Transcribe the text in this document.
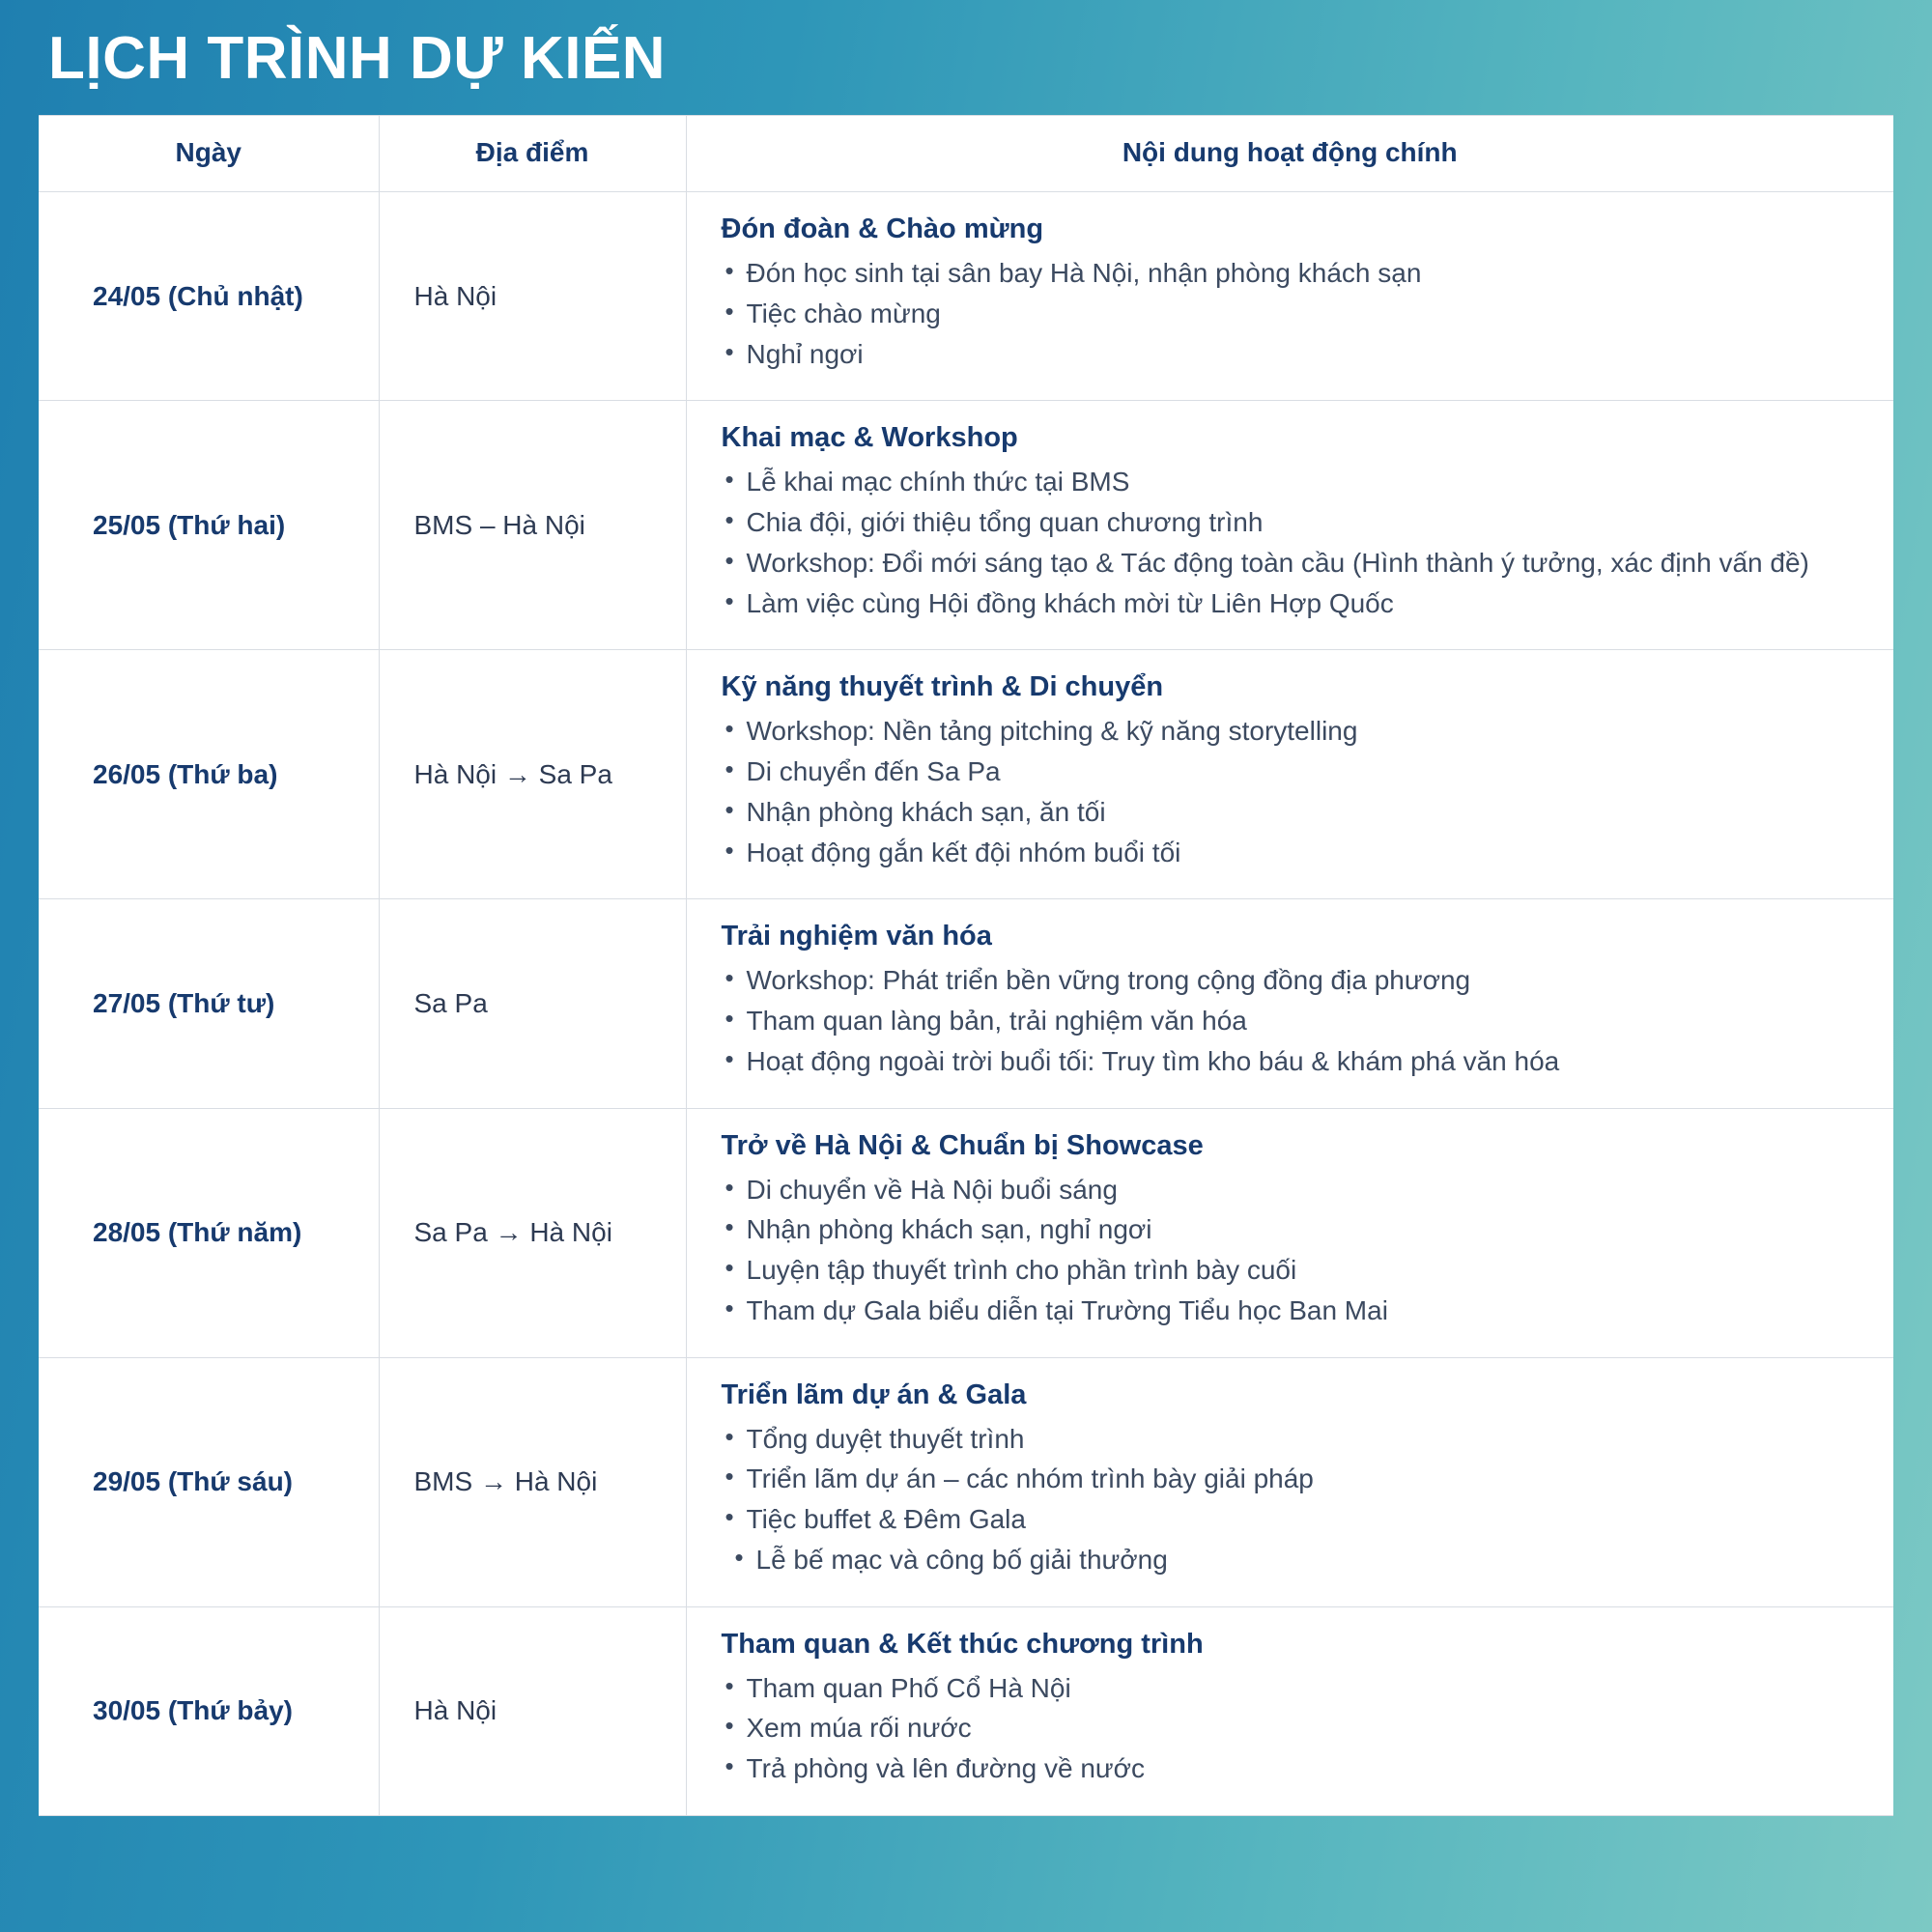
LỊCH TRÌNH DỰ KIẾN
Ngày	Địa điểm	Nội dung hoạt động chính
24/05 (Chủ nhật)	Hà Nội	
Đón đoàn & Chào mừng
• Đón học sinh tại sân bay Hà Nội, nhận phòng khách sạn
• Tiệc chào mừng
• Nghỉ ngơi

25/05 (Thứ hai)	BMS – Hà Nội	
Khai mạc & Workshop
• Lễ khai mạc chính thức tại BMS
• Chia đội, giới thiệu tổng quan chương trình
• Workshop: Đổi mới sáng tạo & Tác động toàn cầu (Hình thành ý tưởng, xác định vấn đề)
• Làm việc cùng Hội đồng khách mời từ Liên Hợp Quốc

26/05 (Thứ ba)	Hà Nội → Sa Pa	
Kỹ năng thuyết trình & Di chuyển
• Workshop: Nền tảng pitching & kỹ năng storytelling
• Di chuyển đến Sa Pa
• Nhận phòng khách sạn, ăn tối
• Hoạt động gắn kết đội nhóm buổi tối

27/05 (Thứ tư)	Sa Pa	
Trải nghiệm văn hóa
• Workshop: Phát triển bền vững trong cộng đồng địa phương
• Tham quan làng bản, trải nghiệm văn hóa
• Hoạt động ngoài trời buổi tối: Truy tìm kho báu & khám phá văn hóa

28/05 (Thứ năm)	Sa Pa → Hà Nội	
Trở về Hà Nội & Chuẩn bị Showcase
• Di chuyển về Hà Nội buổi sáng
• Nhận phòng khách sạn, nghỉ ngơi
• Luyện tập thuyết trình cho phần trình bày cuối
• Tham dự Gala biểu diễn tại Trường Tiểu học Ban Mai

29/05 (Thứ sáu)	BMS → Hà Nội	
Triển lãm dự án & Gala
• Tổng duyệt thuyết trình
• Triển lãm dự án – các nhóm trình bày giải pháp
• Tiệc buffet & Đêm Gala
• Lễ bế mạc và công bố giải thưởng

30/05 (Thứ bảy)	Hà Nội	
Tham quan & Kết thúc chương trình
• Tham quan Phố Cổ Hà Nội
• Xem múa rối nước
• Trả phòng và lên đường về nước
